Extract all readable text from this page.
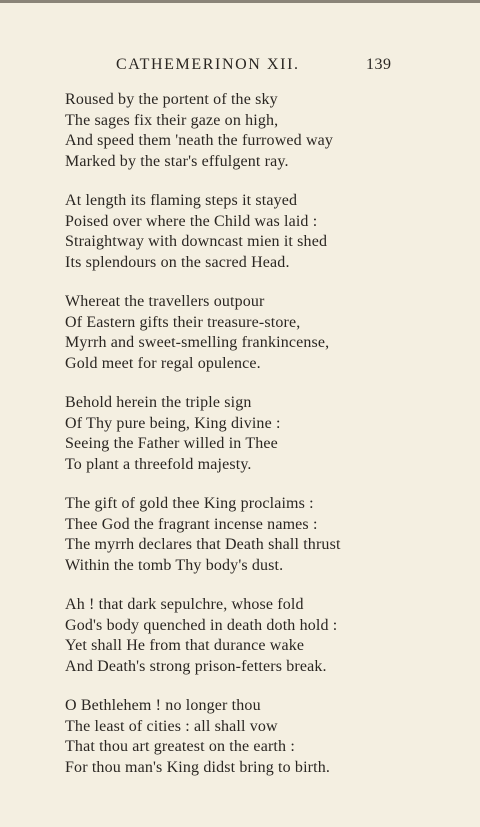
CATHEMERINON XII.	139
Roused by the portent of the sky
The sages fix their gaze on high,
And speed them 'neath the furrowed way
Marked by the star's effulgent ray.
At length its flaming steps it stayed
Poised over where the Child was laid :
Straightway with downcast mien it shed
Its splendours on the sacred Head.
Whereat the travellers outpour
Of Eastern gifts their treasure-store,
Myrrh and sweet-smelling frankincense,
Gold meet for regal opulence.
Behold herein the triple sign
Of Thy pure being, King divine :
Seeing the Father willed in Thee
To plant a threefold majesty.
The gift of gold thee King proclaims :
Thee God the fragrant incense names :
The myrrh declares that Death shall thrust
Within the tomb Thy body's dust.
Ah ! that dark sepulchre, whose fold
God's body quenched in death doth hold :
Yet shall He from that durance wake
And Death's strong prison-fetters break.
O Bethlehem ! no longer thou
The least of cities : all shall vow
That thou art greatest on the earth :
For thou man's King didst bring to birth.
